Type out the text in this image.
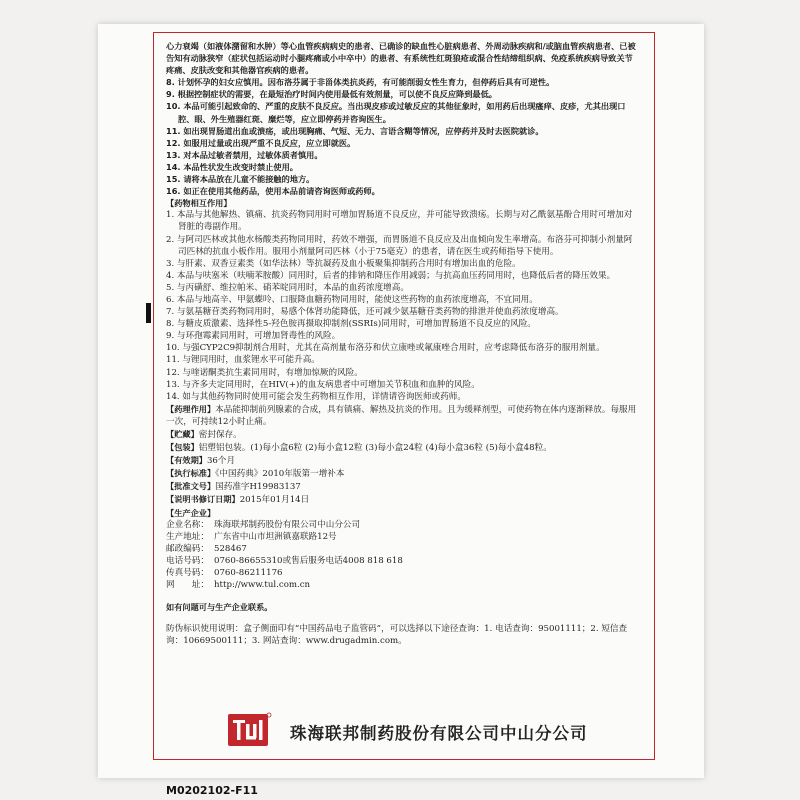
心力衰竭（如液体潴留和水肿）等心血管疾病病史的患者、已确诊的缺血性心脏病患者、外周动脉疾病和/或脑血管疾病患者、已被告知有动脉狭窄（症状包括运动时小腿疼痛或小中卒中）的患者、有系统性红斑狼疮或混合性结缔组织病、免疫系统疾病导致关节疼痛、皮肤改变和其他器官疾病的患者。

8. 计划怀孕的妇女应慎用。因布洛芬属于非甾体类抗炎药，有可能削弱女性生育力，但停药后具有可逆性。

9. 根据控制症状的需要，在最短治疗时间内使用最低有效剂量，可以使不良反应降到最低。

10. 本品可能引起致命的、严重的皮肤不良反应。当出现皮疹或过敏反应的其他征象时，如用药后出现瘙痒、皮疹，尤其出现口腔、眼、外生殖器红斑、糜烂等，应立即停药并咨询医生。

11. 如出现胃肠道出血或溃疡，或出现胸痛、气短、无力、言语含糊等情况，应停药并及时去医院就诊。

12. 如服用过量或出现严重不良反应，应立即就医。

13. 对本品过敏者禁用，过敏体质者慎用。

14. 本品性状发生改变时禁止使用。

15. 请将本品放在儿童不能接触的地方。

16. 如正在使用其他药品，使用本品前请咨询医师或药师。

【药物相互作用】

1. 本品与其他解热、镇痛、抗炎药物同用时可增加胃肠道不良反应，并可能导致溃疡。长期与对乙酰氨基酚合用时可增加对肾脏的毒副作用。

2. 与阿司匹林或其他水杨酸类药物同用时，药效不增强，而胃肠道不良反应及出血倾向发生率增高。布洛芬可抑制小剂量阿司匹林的抗血小板作用。服用小剂量阿司匹林（小于75毫克）的患者，请在医生或药师指导下使用。

3. 与肝素、双香豆素类（如华法林）等抗凝药及血小板聚集抑制药合用时有增加出血的危险。

4. 本品与呋塞米（呋喃苯胺酸）同用时，后者的排钠和降压作用减弱；与抗高血压药同用时，也降低后者的降压效果。

5. 与丙磺舒、维拉帕米、硝苯啶同用时，本品的血药浓度增高。

6. 本品与地高辛、甲氨蝶呤、口服降血糖药物同用时，能使这些药物的血药浓度增高，不宜同用。

7. 与氨基糖苷类药物同用时，易感个体肾功能降低，还可减少氨基糖苷类药物的排泄并使血药浓度增高。

8. 与糖皮质激素、选择性5-羟色胺再摄取抑制剂(SSRIs)同用时，可增加胃肠道不良反应的风险。

9. 与环孢霉素同用时，可增加肾毒性的风险。

10. 与强CYP2C9抑制剂合用时，尤其在高剂量布洛芬和伏立康唑或氟康唑合用时，应考虑降低布洛芬的服用剂量。

11. 与锂同用时，血浆锂水平可能升高。

12. 与喹诺酮类抗生素同用时，有增加惊厥的风险。

13. 与齐多夫定同用时，在HIV(+)的血友病患者中可增加关节积血和血肿的风险。

14. 如与其他药物同时使用可能会发生药物相互作用，详情请咨询医师或药师。

【药理作用】本品能抑制前列腺素的合成，具有镇痛、解热及抗炎的作用。且为缓释剂型，可使药物在体内逐渐释放。每服用一次，可持续12小时止痛。

【贮藏】密封保存。

【包装】铝塑铝包装。(1)每小盒6粒 (2)每小盒12粒 (3)每小盒24粒 (4)每小盒36粒 (5)每小盒48粒。

【有效期】36个月

【执行标准】《中国药典》2010年版第一增补本

【批准文号】国药准字H19983137

【说明书修订日期】2015年01月14日

【生产企业】

企业名称： 珠海联邦制药股份有限公司中山分公司
生产地址： 广东省中山市坦洲镇嘉联路12号
邮政编码： 528467
电话号码： 0760-86655310或售后服务电话4008 818 618
传真号码： 0760-86211176
网　　址： http://www.tul.com.cn

如有问题可与生产企业联系。

防伪标识使用说明：盒子侧面印有“中国药品电子监管码”，可以选择以下途径查询：1. 电话查询：95001111；2. 短信查询：10669500111；3. 网站查询：www.drugadmin.com。

珠海联邦制药股份有限公司中山分公司
M0202102-F11
